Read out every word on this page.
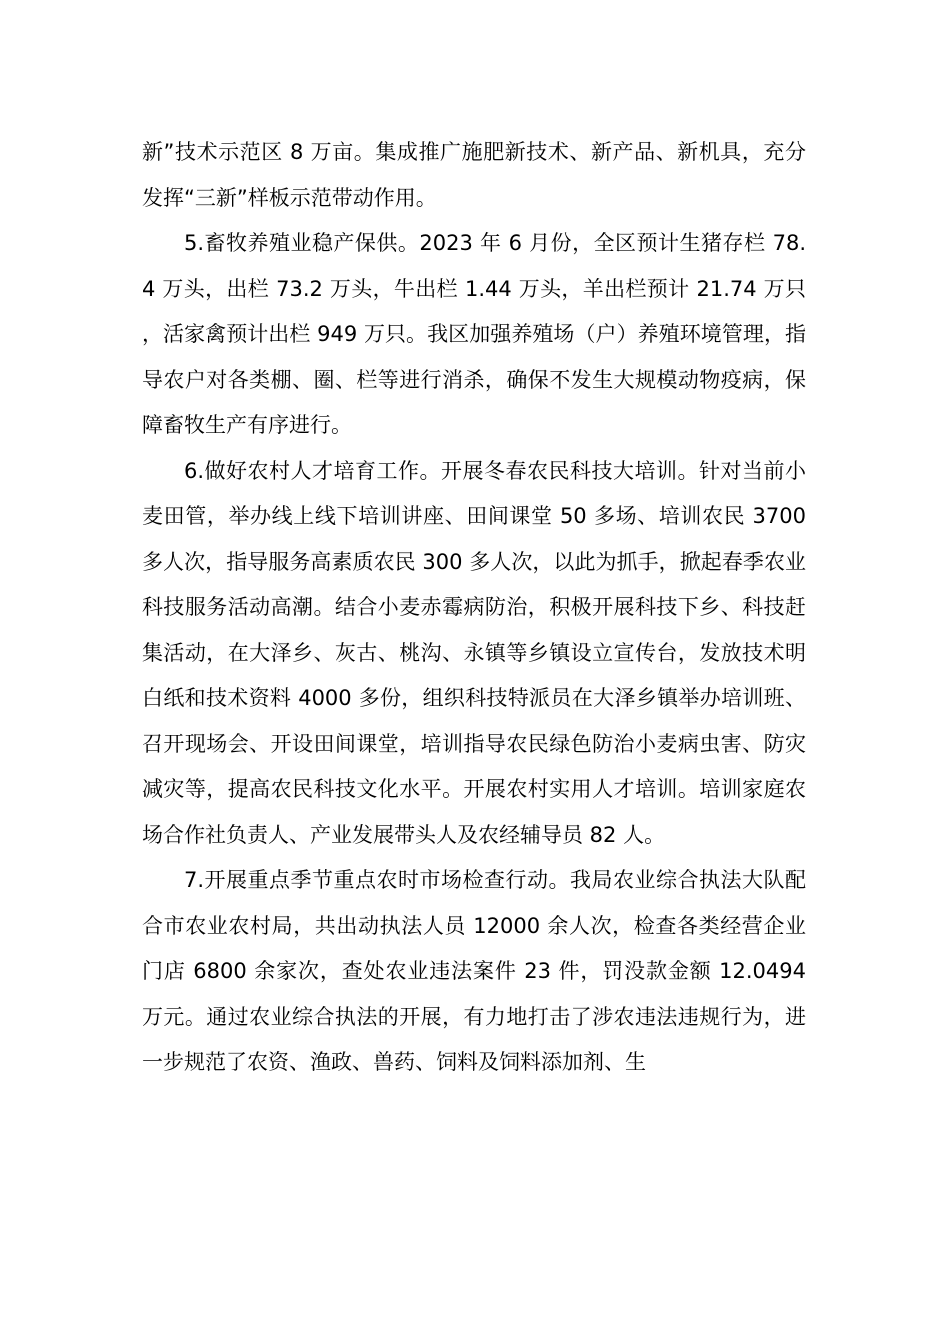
新”技术示范区 8 万亩。集成推广施肥新技术、新产品、新机具，充分发挥“三新”样板示范带动作用。

5.畜牧养殖业稳产保供。2023 年 6 月份，全区预计生猪存栏 78.4 万头，出栏 73.2 万头，牛出栏 1.44 万头，羊出栏预计 21.74 万只，活家禽预计出栏 949 万只。我区加强养殖场（户）养殖环境管理，指导农户对各类棚、圈、栏等进行消杀，确保不发生大规模动物疫病，保障畜牧生产有序进行。

6.做好农村人才培育工作。开展冬春农民科技大培训。针对当前小麦田管，举办线上线下培训讲座、田间课堂 50 多场、培训农民 3700 多人次，指导服务高素质农民 300 多人次，以此为抓手，掀起春季农业科技服务活动高潮。结合小麦赤霉病防治，积极开展科技下乡、科技赶集活动，在大泽乡、灰古、桃沟、永镇等乡镇设立宣传台，发放技术明白纸和技术资料 4000 多份，组织科技特派员在大泽乡镇举办培训班、召开现场会、开设田间课堂，培训指导农民绿色防治小麦病虫害、防灾减灾等，提高农民科技文化水平。开展农村实用人才培训。培训家庭农场合作社负责人、产业发展带头人及农经辅导员 82 人。

7.开展重点季节重点农时市场检查行动。我局农业综合执法大队配合市农业农村局，共出动执法人员 12000 余人次，检查各类经营企业门店 6800 余家次，查处农业违法案件 23 件，罚没款金额 12.0494 万元。通过农业综合执法的开展，有力地打击了涉农违法违规行为，进一步规范了农资、渔政、兽药、饲料及饲料添加剂、生
